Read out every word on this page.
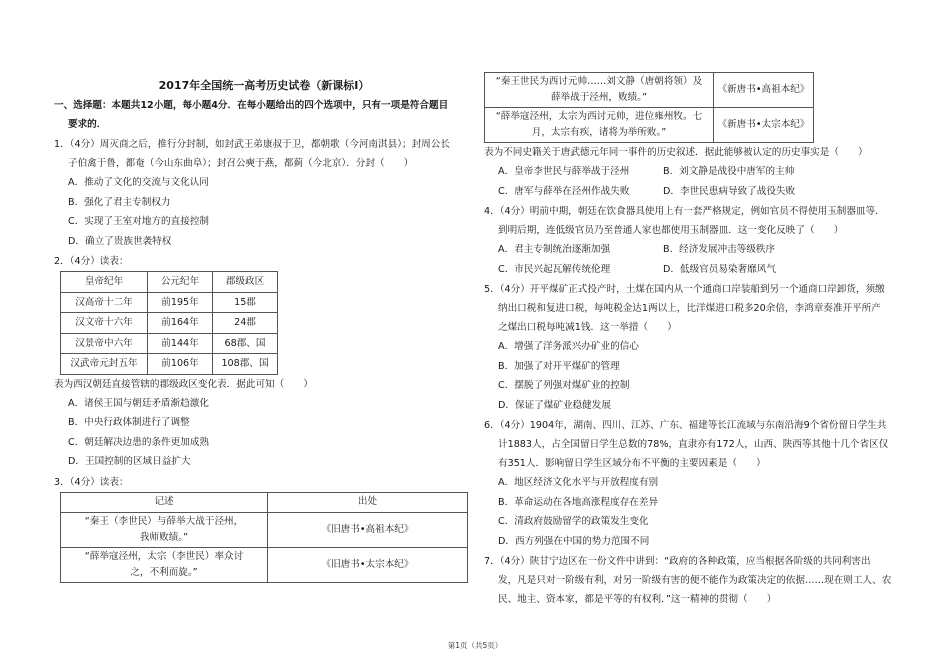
2017年全国统一高考历史试卷（新课标Ⅰ）
一、选择题：本题共12小题，每小题4分．在每小题给出的四个选项中，只有一项是符合题目
要求的．
1．（4分）周灭商之后，推行分封制，如封武王弟康叔于卫，都朝歌（今河南淇县）；封周公长
子伯禽于鲁，都奄（今山东曲阜）；封召公奭于燕，都蓟（今北京）．分封（　　）
A．推动了文化的交流与文化认同
B．强化了君主专制权力
C．实现了王室对地方的直接控制
D．确立了贵族世袭特权
2．（4分）读表：
皇帝纪年	公元纪年	郡级政区
汉高帝十二年	前195年	15郡
汉文帝十六年	前164年	24郡
汉景帝中六年	前144年	68郡、国
汉武帝元封五年	前106年	108郡、国
表为西汉朝廷直接管辖的郡级政区变化表．据此可知（　　）
A．诸侯王国与朝廷矛盾渐趋激化
B．中央行政体制进行了调整
C．朝廷解决边患的条件更加成熟
D．王国控制的区域日益扩大
3．（4分）读表：
记述	出处
“秦王（李世民）与薛举大战于泾州，我师败绩。”	《旧唐书•高祖本纪》
“薛举寇泾州，太宗（李世民）率众讨之，不利而旋。”	《旧唐书•太宗本纪》
“秦王世民为西讨元帅……刘文静（唐朝将领）及薛举战于泾州，败绩。”	《新唐书•高祖本纪》
“薛举寇泾州，太宗为西讨元帅，进位雍州牧。七月，太宗有疾，诸将为举所败。”	《新唐书•太宗本纪》
表为不同史籍关于唐武德元年同一事件的历史叙述．据此能够被认定的历史事实是（　　）
A．皇帝李世民与薛举战于泾州	B．刘文静是战役中唐军的主帅
C．唐军与薛举在泾州作战失败	D．李世民患病导致了战役失败
4．（4分）明前中期，朝廷在饮食器具使用上有一套严格规定，例如官员不得使用玉制器皿等．
到明后期，连低级官员乃至普通人家也都使用玉制器皿．这一变化反映了（　　）
A．君主专制统治逐渐加强	B．经济发展冲击等级秩序
C．市民兴起瓦解传统伦理	D．低级官员易染奢靡风气
5．（4分）开平煤矿正式投产时，土煤在国内从一个通商口岸装船到另一个通商口岸卸货，须缴
纳出口税和复进口税，每吨税金达1两以上，比洋煤进口税多20余倍，李鸿章奏准开平所产
之煤出口税每吨减1钱．这一举措（　　）
A．增强了洋务派兴办矿业的信心
B．加强了对开平煤矿的管理
C．摆脱了列强对煤矿业的控制
D．保证了煤矿业稳健发展
6．（4分）1904年，湖南、四川、江苏、广东、福建等长江流域与东南沿海9个省份留日学生共
计1883人，占全国留日学生总数的78%，直隶亦有172人，山西、陕西等其他十几个省区仅
有351人．影响留日学生区域分布不平衡的主要因素是（　　）
A．地区经济文化水平与开放程度有别
B．革命运动在各地高涨程度存在差异
C．清政府鼓励留学的政策发生变化
D．西方列强在中国的势力范围不同
7．（4分）陕甘宁边区在一份文件中讲到：“政府的各种政策，应当根据各阶级的共同利害出
发，凡是只对一阶级有利，对另一阶级有害的便不能作为政策决定的依据……现在则工人、农
民、地主、资本家，都是平等的有权利．”这一精神的贯彻（　　）
第1页（共5页）
